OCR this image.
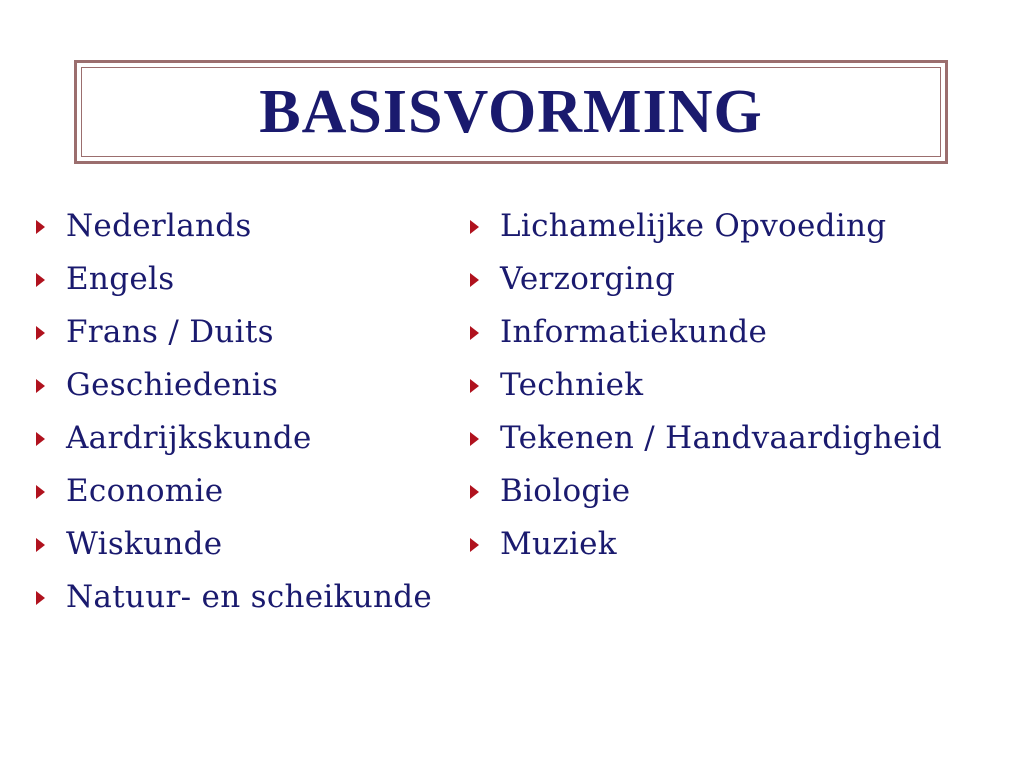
BASISVORMING
Nederlands
Engels
Frans / Duits
Geschiedenis
Aardrijkskunde
Economie
Wiskunde
Natuur- en scheikunde
Lichamelijke Opvoeding
Verzorging
Informatiekunde
Techniek
Tekenen / Handvaardigheid
Biologie
Muziek
